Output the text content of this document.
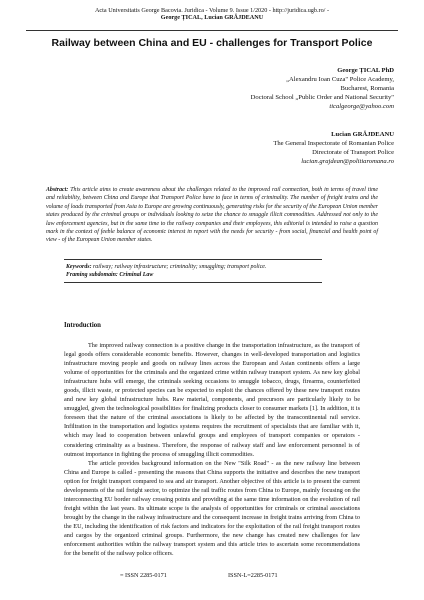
Acta Universitatis George Bacovia. Juridica - Volume 9. Issue 1/2020 - http://juridica.ugb.ro/ -
George ȚICAL, Lucian GRĂJDEANU
Railway between China and EU - challenges for Transport Police
George ȚICAL PhD
„Alexandru Ioan Cuza" Police Academy,
Bucharest, Romania
Doctoral School „Public Order and National Security"
ticalgeorge@yahoo.com
Lucian GRĂJDEANU
The General Inspectorate of Romanian Police
Directorate of Transport Police
lucian.grajdean@politiaromana.ro
Abstract: This article aims to create awareness about the challenges related to the improved rail connection, both in terms of travel time and reliability, between China and Europe that Transport Police have to face in terms of criminality. The number of freight trains and the volume of loads transported from Asia to Europe are growing continuously, generating risks for the security of the European Union member states produced by the criminal groups or individuals looking to seize the chance to smuggle illicit commodities. Addressed not only to the law enforcement agencies, but in the same time to the railway companies and their employees, this editorial is intended to raise a question mark in the context of feeble balance of economic interest in report with the needs for security - from social, financial and health point of view - of the European Union member states.
Keywords: railway; railway infrastructure; criminality; smuggling; transport police.
Framing subdomain: Criminal Law
Introduction

The improved railway connection is a positive change in the transportation infrastructure, as the transport of legal goods offers considerable economic benefits. However, changes in well-developed transportation and logistics infrastructure moving people and goods on railway lines across the European and Asian continents offers a large volume of opportunities for the criminals and the organized crime within railway transport system. As new key global infrastructure hubs will emerge, the criminals seeking occasions to smuggle tobacco, drugs, firearms, counterfeited goods, illicit waste, or protected species can be expected to exploit the chances offered by these new transport routes and new key global infrastructure hubs. Raw material, components, and precursors are particularly likely to be smuggled, given the technological possibilities for finalizing products closer to consumer markets [1]. In addition, it is foreseen that the nature of the criminal associations is likely to be affected by the transcontinental rail service. Infiltration in the transportation and logistics systems requires the recruitment of specialists that are familiar with it, which may lead to cooperation between unlawful groups and employees of transport companies or operators - considering criminality as a business. Therefore, the response of railway staff and law enforcement personnel is of outmost importance in fighting the process of smuggling illicit commodities.

The article provides background information on the New "Silk Road" - as the new railway line between China and Europe is called - presenting the reasons that China supports the initiative and describes the new transport option for freight transport compared to sea and air transport. Another objective of this article is to present the current developments of the rail freight sector, to optimize the rail traffic routes from China to Europe, mainly focusing on the interconnecting EU border railway crossing points and providing at the same time information on the evolution of rail freight within the last years. Its ultimate scope is the analysis of opportunities for criminals or criminal associations brought by the change in the railway infrastructure and the consequent increase in freight trains arriving from China to the EU, including the identification of risk factors and indicators for the exploitation of the rail freight transport routes and cargos by the organized criminal groups. Furthermore, the new change has created new challenges for law enforcement authorities within the railway transport system and this article tries to ascertain some recommendations for the benefit of the railway police officers.

= ISSN 2285-0171	ISSN-L=2285-0171
